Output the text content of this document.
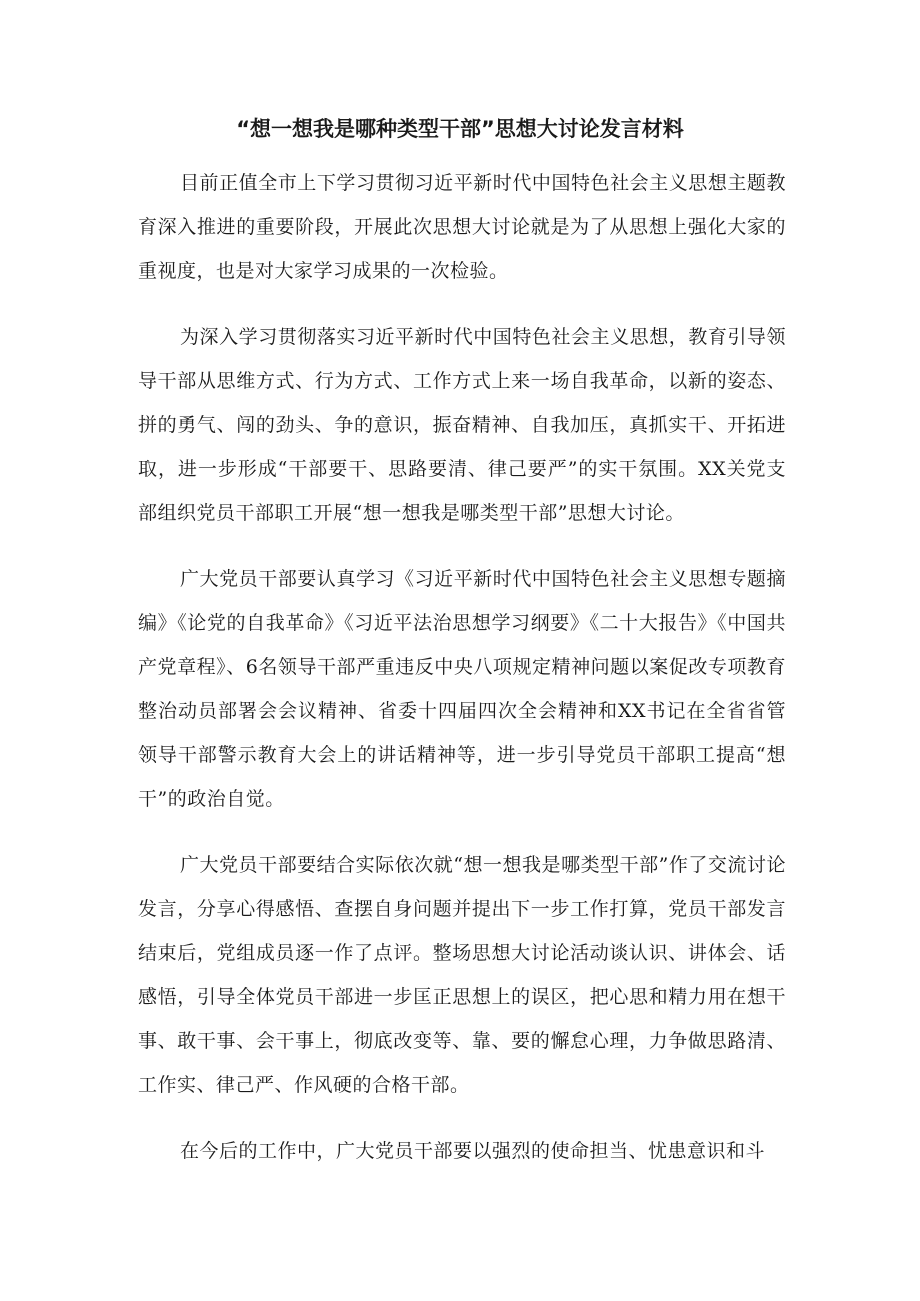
“想一想我是哪种类型干部”思想大讨论发言材料

目前正值全市上下学习贯彻习近平新时代中国特色社会主义思想主题教育深入推进的重要阶段，开展此次思想大讨论就是为了从思想上强化大家的重视度，也是对大家学习成果的一次检验。

为深入学习贯彻落实习近平新时代中国特色社会主义思想，教育引导领导干部从思维方式、行为方式、工作方式上来一场自我革命，以新的姿态、拼的勇气、闯的劲头、争的意识，振奋精神、自我加压，真抓实干、开拓进取，进一步形成“干部要干、思路要清、律己要严”的实干氛围。XX关党支部组织党员干部职工开展“想一想我是哪类型干部”思想大讨论。

广大党员干部要认真学习《习近平新时代中国特色社会主义思想专题摘编》《论党的自我革命》《习近平法治思想学习纲要》《二十大报告》《中国共产党章程》、6名领导干部严重违反中央八项规定精神问题以案促改专项教育整治动员部署会会议精神、省委十四届四次全会精神和XX书记在全省省管领导干部警示教育大会上的讲话精神等，进一步引导党员干部职工提高“想干”的政治自觉。

广大党员干部要结合实际依次就“想一想我是哪类型干部”作了交流讨论发言，分享心得感悟、查摆自身问题并提出下一步工作打算，党员干部发言结束后，党组成员逐一作了点评。整场思想大讨论活动谈认识、讲体会、话感悟，引导全体党员干部进一步匡正思想上的误区，把心思和精力用在想干事、敢干事、会干事上，彻底改变等、靠、要的懈怠心理，力争做思路清、工作实、律己严、作风硬的合格干部。

在今后的工作中，广大党员干部要以强烈的使命担当、忧患意识和斗
